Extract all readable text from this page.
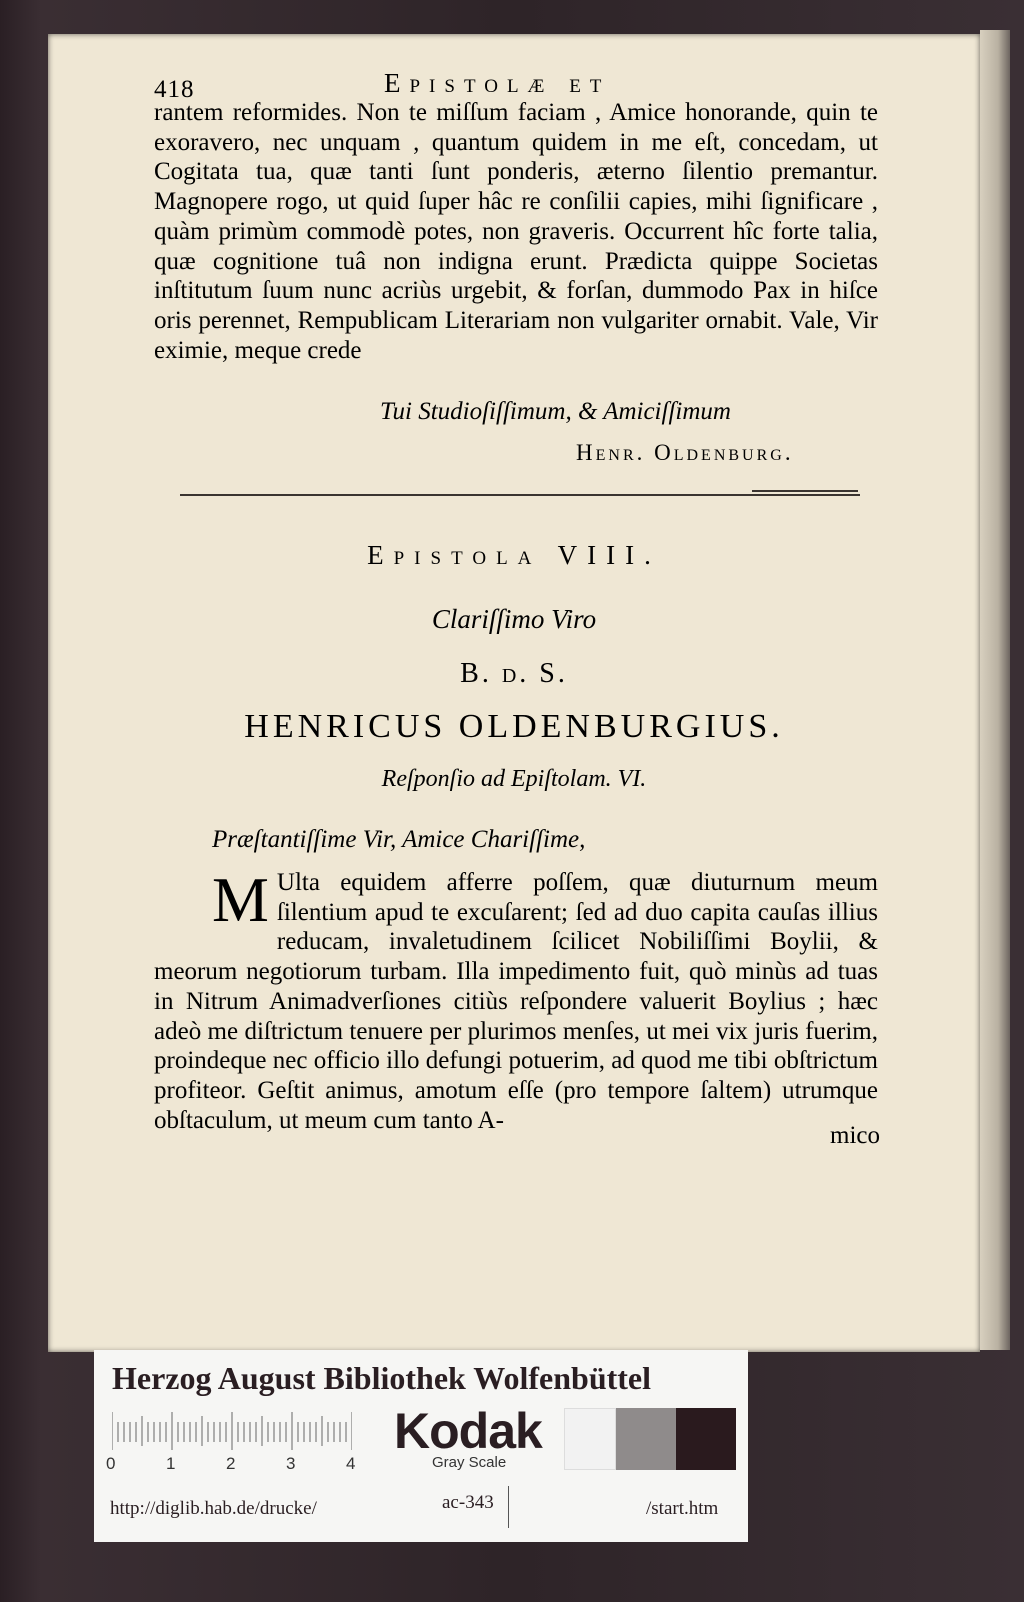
418	Epistolæ et

rantem reformides. Non te miſſum faciam , Amice honorande, quin te exoravero, nec unquam , quantum quidem in me eſt, concedam, ut Cogitata tua, quæ tanti ſunt ponderis, æterno ſilentio premantur. Magnopere rogo, ut quid ſuper hâc re conſilii capies, mihi ſignificare , quàm primùm commodè potes, non graveris. Occurrent hîc forte talia, quæ cognitione tuâ non indigna erunt. Prædicta quippe Societas inſtitutum ſuum nunc acriùs urgebit, & forſan, dummodo Pax in hiſce oris perennet, Rempublicam Literariam non vulgariter ornabit. Vale, Vir eximie, meque crede

Tui Studioſiſſimum, & Amiciſſimum
Henr. Oldenburg.
Epistola VIII.
Clariſſimo Viro
B. d. S.
HENRICUS OLDENBURGIUS.
Reſponſio ad Epiſtolam. VI.
Præſtantiſſime Vir, Amice Chariſſime,

M Ulta equidem afferre poſſem, quæ diuturnum meum ſilentium apud te excuſarent; ſed ad duo capita cauſas illius reducam, invaletudinem ſcilicet Nobiliſſimi Boylii, & meorum negotiorum turbam. Illa impedimento fuit, quò minùs ad tuas in Nitrum Animadverſiones citiùs reſpondere valuerit Boylius ; hæc adeò me diſtrictum tenuere per plurimos menſes, ut mei vix juris fuerim, proindeque nec officio illo defungi potuerim, ad quod me tibi obſtrictum profiteor. Geſtit animus, amotum eſſe (pro tempore ſaltem) utrumque obſtaculum, ut meum cum tanto A-

mico
Herzog August Bibliothek Wolfenbüttel
0	1	2	3	4
Kodak
Gray Scale
http://diglib.hab.de/drucke/	ac-343	/start.htm
